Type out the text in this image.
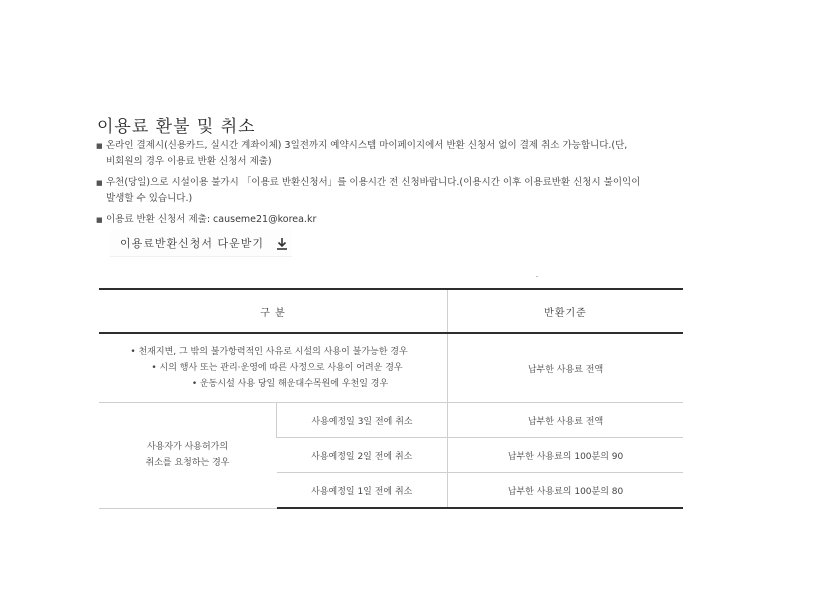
이용료 환불 및 취소
■ 온라인 결제시(신용카드, 실시간 계좌이체) 3일전까지 예약시스템 마이페이지에서 반환 신청서 없이 결제 취소 가능합니다.(단,
비회원의 경우 이용료 반환 신청서 제출)
■ 우천(당일)으로 시설이용 불가시 「이용료 반환신청서」를 이용시간 전 신청바랍니다.(이용시간 이후 이용료반환 신청시 불이익이
발생할 수 있습니다.)
■ 이용료 반환 신청서 제출: causeme21@korea.kr
이용료반환신청서 다운받기
구 분		반환기준

• 천재지변, 그 밖의 불가항력적인 사유로 시설의 사용이 불가능한 경우
• 시의 행사 또는 관리·운영에 따른 사정으로 사용이 어려운 경우
• 운동시설 사용 당일 해운대수목원에 우천일 경우		납부한 사용료 전액
사용자가 사용허가의
취소를 요청하는 경우	사용예정일 3일 전에 취소	납부한 사용료 전액
	사용예정일 2일 전에 취소	납부한 사용료의 100분의 90
	사용예정일 1일 전에 취소	납부한 사용료의 100분의 80
